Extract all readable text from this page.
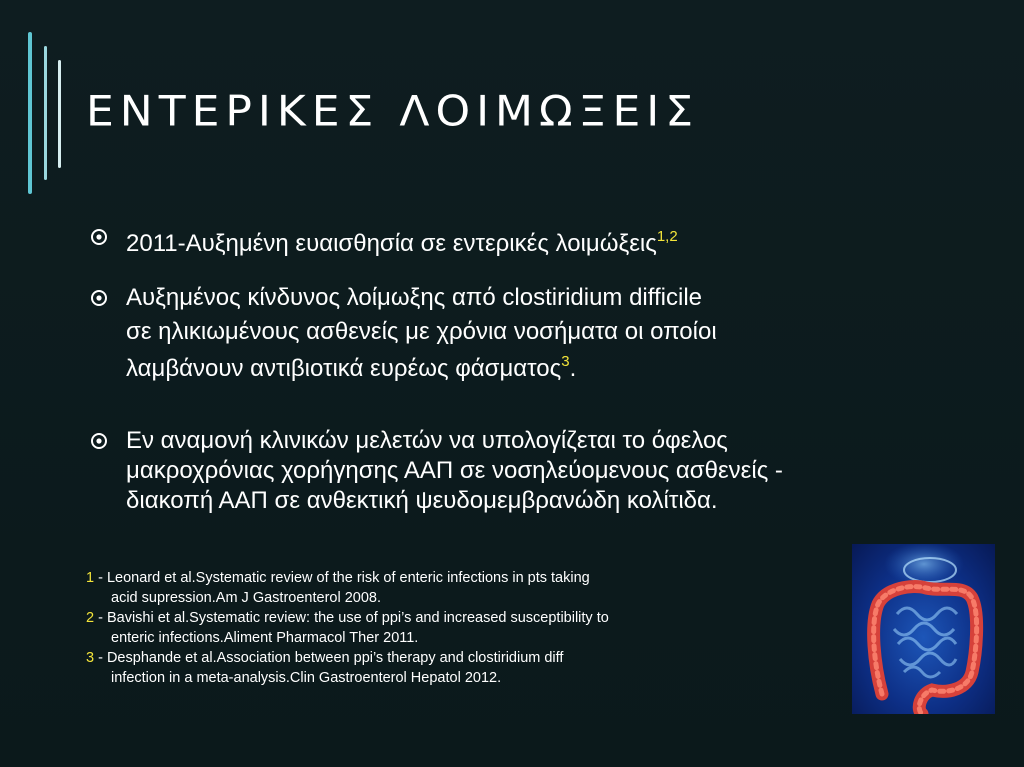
ΕΝΤΕΡΙΚΕΣ ΛΟΙΜΩΞΕΙΣ
2011-Αυξημένη ευαισθησία σε εντερικές λοιμώξεις$^{1,2}$
Αυξημένος κίνδυνος λοίμωξης από clostiridium difficile
σε ηλικιωμένους ασθενείς με χρόνια νοσήματα οι οποίοι
λαμβάνουν αντιβιοτικά ευρέως φάσματος$^3$.
Εν αναμονή κλινικών μελετών να υπολογίζεται το όφελος
μακροχρόνιας χορήγησης ΑΑΠ σε νοσηλεύομενους ασθενείς -
διακοπή ΑΑΠ σε ανθεκτική ψευδομεμβρανώδη κολίτιδα.
1 - Leonard et al.Systematic review of the risk of enteric infections in pts taking
acid supression.Am J Gastroenterol 2008.
2 - Bavishi et al.Systematic review: the use of ppi’s and increased susceptibility to
enteric infections.Aliment Pharmacol Ther 2011.
3 - Desphande et al.Association between ppi’s therapy and clostiridium diff
infection in a meta-analysis.Clin Gastroenterol Hepatol 2012.
